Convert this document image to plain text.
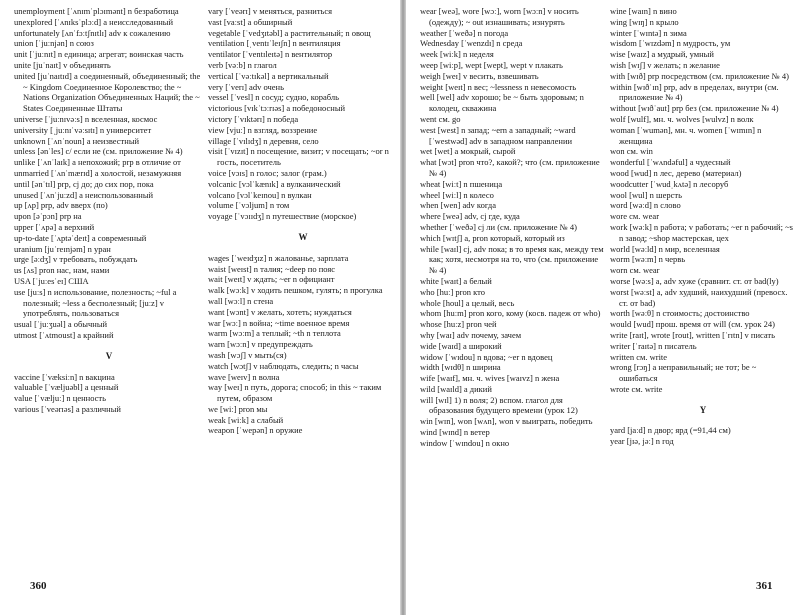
unemployment [ˈʌnɪmˈplɔɪmənt] n безработица

unexplored [ˈʌnɪksˈplɔːd] a неисследованный

unfortunately [ʌnˈfɔːtʃnɪtlɪ] adv к сожалению

union [ˈjuːnjən] n союз

unit [ˈjuːnɪt] n единица; агрегат; воинская часть

unite [juˈnaɪt] v объединять

united [juˈnaɪtɪd] a соединенный, объединенный; the ~ Kingdom Соединенное Королевство; the ~ Nations Organization Объединенных Наций; the ~ States Соединенные Штаты

universe [ˈjuːnɪvəːs] n вселенная, космос

university [ˌjuːnɪˈvəːsɪtɪ] n университет

unknown [ˈʌnˈnoun] a неизвестный

unless [ənˈles] c/ если не (см. приложение № 4)

unlike [ˈʌnˈlaɪk] a непохожий; prp в отличие от

unmarried [ˈʌnˈmærɪd] a холостой, незамужняя

until [ənˈtɪl] prp, cj до; до сих пор, пока

unused [ˈʌnˈjuːzd] a неиспользованный

up [ʌp] prp, adv вверх (по)

upon [əˈpɔn] prp на

upper [ˈʌpə] a верхний

up-to-date [ˈʌptəˈdeɪt] a современный

uranium [juˈreɪnjəm] n уран

urge [əːdʒ] v требовать, побуждать

us [ʌs] pron нас, нам, нами

USA [ˈjuːesˈeɪ] США

use [juːs] n использование, полезность; ~ful a полезный; ~less a бесполезный; [juːz] v употреблять, пользоваться

usual [ˈjuːʒuəl] a обычный

utmost [ˈʌtmoust] a крайний

V

vaccine [ˈvæksiːn] n вакцина

valuable [ˈvæljuəbl] a ценный

value [ˈvæljuː] n ценность

various [ˈveərɪəs] a различный

vary [ˈveərɪ] v меняться, разниться

vast [vaːst] a обширный

vegetable [ˈvedʒɪtəbl] a растительный; n овощ

ventilation [ˌventɪˈleɪʃn] n вентиляция

ventilator [ˈventɪleɪtə] n вентилятор

verb [vəːb] n глагол

vertical [ˈvəːtɪkəl] a вертикальный

very [ˈverɪ] adv очень

vessel [ˈvesl] n сосуд; судно, корабль

victorious [vɪkˈtɔːrɪəs] a победоносный

victory [ˈvɪktərɪ] n победа

view [vjuː] n взгляд, воззрение

village [ˈvɪlɪdʒ] n деревня, село

visit [ˈvɪzɪt] n посещение, визит; v посещать; ~or n гость, посетитель

voice [vɔɪs] n голос; залог (грам.)

volcanic [vɔlˈkænɪk] a вулканический

volcano [vɔlˈkeɪnou] n вулкан

volume [ˈvɔljum] n том

voyage [ˈvɔɪɪdʒ] n путешествие (морское)

W

wages [ˈweɪdʒɪz] n жалованье, зарплата

waist [weɪst] n талия; ~deep по пояс

wait [weɪt] v ждать; ~er n официант

walk [wɔːk] v ходить пешком, гулять; n прогулка

wall [wɔːl] n стена

want [wɔnt] v желать, хотеть; нуждаться

war [wɔː] n война; ~time военное время

warm [wɔːm] a теплый; ~th n теплота

warn [wɔːn] v предупреждать

wash [wɔʃ] v мыть(ся)

watch [wɔtʃ] v наблюдать, следить; n часы

wave [weɪv] n волна

way [weɪ] n путь, дорога; способ; in this ~ таким путем, образом

we [wiː] pron мы

weak [wiːk] a слабый

weapon [ˈwepən] n оружие

360

wear [weə], wore [wɔː], worn [wɔːn] v носить (одежду); ~ out изнашивать; изнурять

weather [ˈweðə] n погода

Wednesday [ˈwenzdɪ] n среда

week [wiːk] n неделя

weep [wiːp], wept [wept], wept v плакать

weigh [weɪ] v весить, взвешивать

weight [weɪt] n вес; ~lessness n невесомость

well [wel] adv хорошо; be ~ быть здоровым; n колодец, скважина

went см. go

west [west] n запад; ~ern a западный; ~ward [ˈwestwəd] adv в западном направлении

wet [wet] a мокрый, сырой

what [wɔt] pron что?, какой?; что (см. приложение № 4)

wheat [wiːt] n пшеница

wheel [wiːl] n колесо

when [wen] adv когда

where [weə] adv, cj где, куда

whether [ˈweðə] cj ли (см. приложение № 4)

which [wɪtʃ] a, pron который, который из

while [waɪl] cj, adv пока; в то время как, между тем как; хотя, несмотря на то, что (см. приложение № 4)

white [waɪt] a белый

who [huː] pron кто

whole [houl] a целый, весь

whom [huːm] pron кого, кому (косв. падеж от who)

whose [huːz] pron чей

why [waɪ] adv почему, зачем

wide [waɪd] a широкий

widow [ˈwɪdou] n вдова; ~er n вдовец

width [wɪdθ] n ширина

wife [waɪf], мн. ч. wives [waɪvz] n жена

wild [waɪld] a дикий

will [wɪl] 1) n воля; 2) вспом. глагол для образования будущего времени (урок 12)

win [wɪn], won [wʌn], won v выиграть, победить

wind [wɪnd] n ветер

window [ˈwɪndou] n окно

wine [waɪn] n вино

wing [wɪŋ] n крыло

winter [ˈwɪntə] n зима

wisdom [ˈwɪzdəm] n мудрость, ум

wise [waɪz] a мудрый, умный

wish [wɪʃ] v желать; n желание

with [wɪð] prp посредством (см. приложение № 4)

within [wɪðˈɪn] prp, adv в пределах, внутри (см. приложение № 4)

without [wɪðˈaut] prp без (см. приложение № 4)

wolf [wulf], мн. ч. wolves [wulvz] n волк

woman [ˈwumən], мн. ч. women [ˈwɪmɪn] n женщина

won см. win

wonderful [ˈwʌndəful] a чудесный

wood [wud] n лес, дерево (материал)

woodcutter [ˈwudˌkʌtə] n лесоруб

wool [wul] n шерсть

word [wəːd] n слово

wore см. wear

work [wəːk] n работа; v работать; ~er n рабочий; ~s n завод; ~shop мастерская, цех

world [wəːld] n мир, вселенная

worm [wəːm] n червь

worn см. wear

worse [wəːs] a, adv хуже (сравнит. ст. от bad(ly)

worst [wəːst] a, adv худший, наихудший (превосх. ст. от bad)

worth [wəːθ] n стоимость; достоинство

would [wud] прош. время от will (см. урок 24)

write [raɪt], wrote [rout], written [ˈrɪtn] v писать

writer [ˈraɪtə] n писатель

written см. write

wrong [rɔŋ] a неправильный; не тот; be ~ ошибаться

wrote см. write

Y

yard [jaːd] n двор; ярд (=91,44 см)

year [jɪə, jəː] n год

361
